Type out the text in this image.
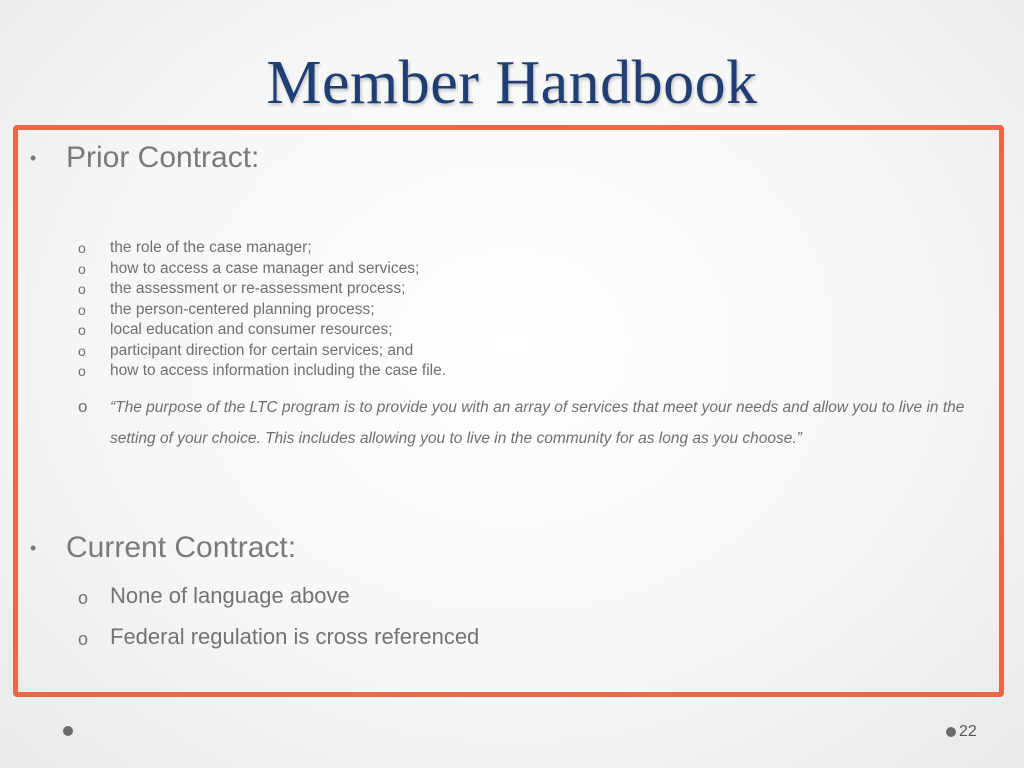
Member Handbook
• Prior Contract:
o the role of the case manager;
o how to access a case manager and services;
o the assessment or re-assessment process;
o the person-centered planning process;
o local education and consumer resources;
o participant direction for certain services; and
o how to access information including the case file.
o “The purpose of the LTC program is to provide you with an array of services that meet your needs and allow you to live in the setting of your choice. This includes allowing you to live in the community for as long as you choose.”
• Current Contract:
o None of language above
o Federal regulation is cross referenced
22
